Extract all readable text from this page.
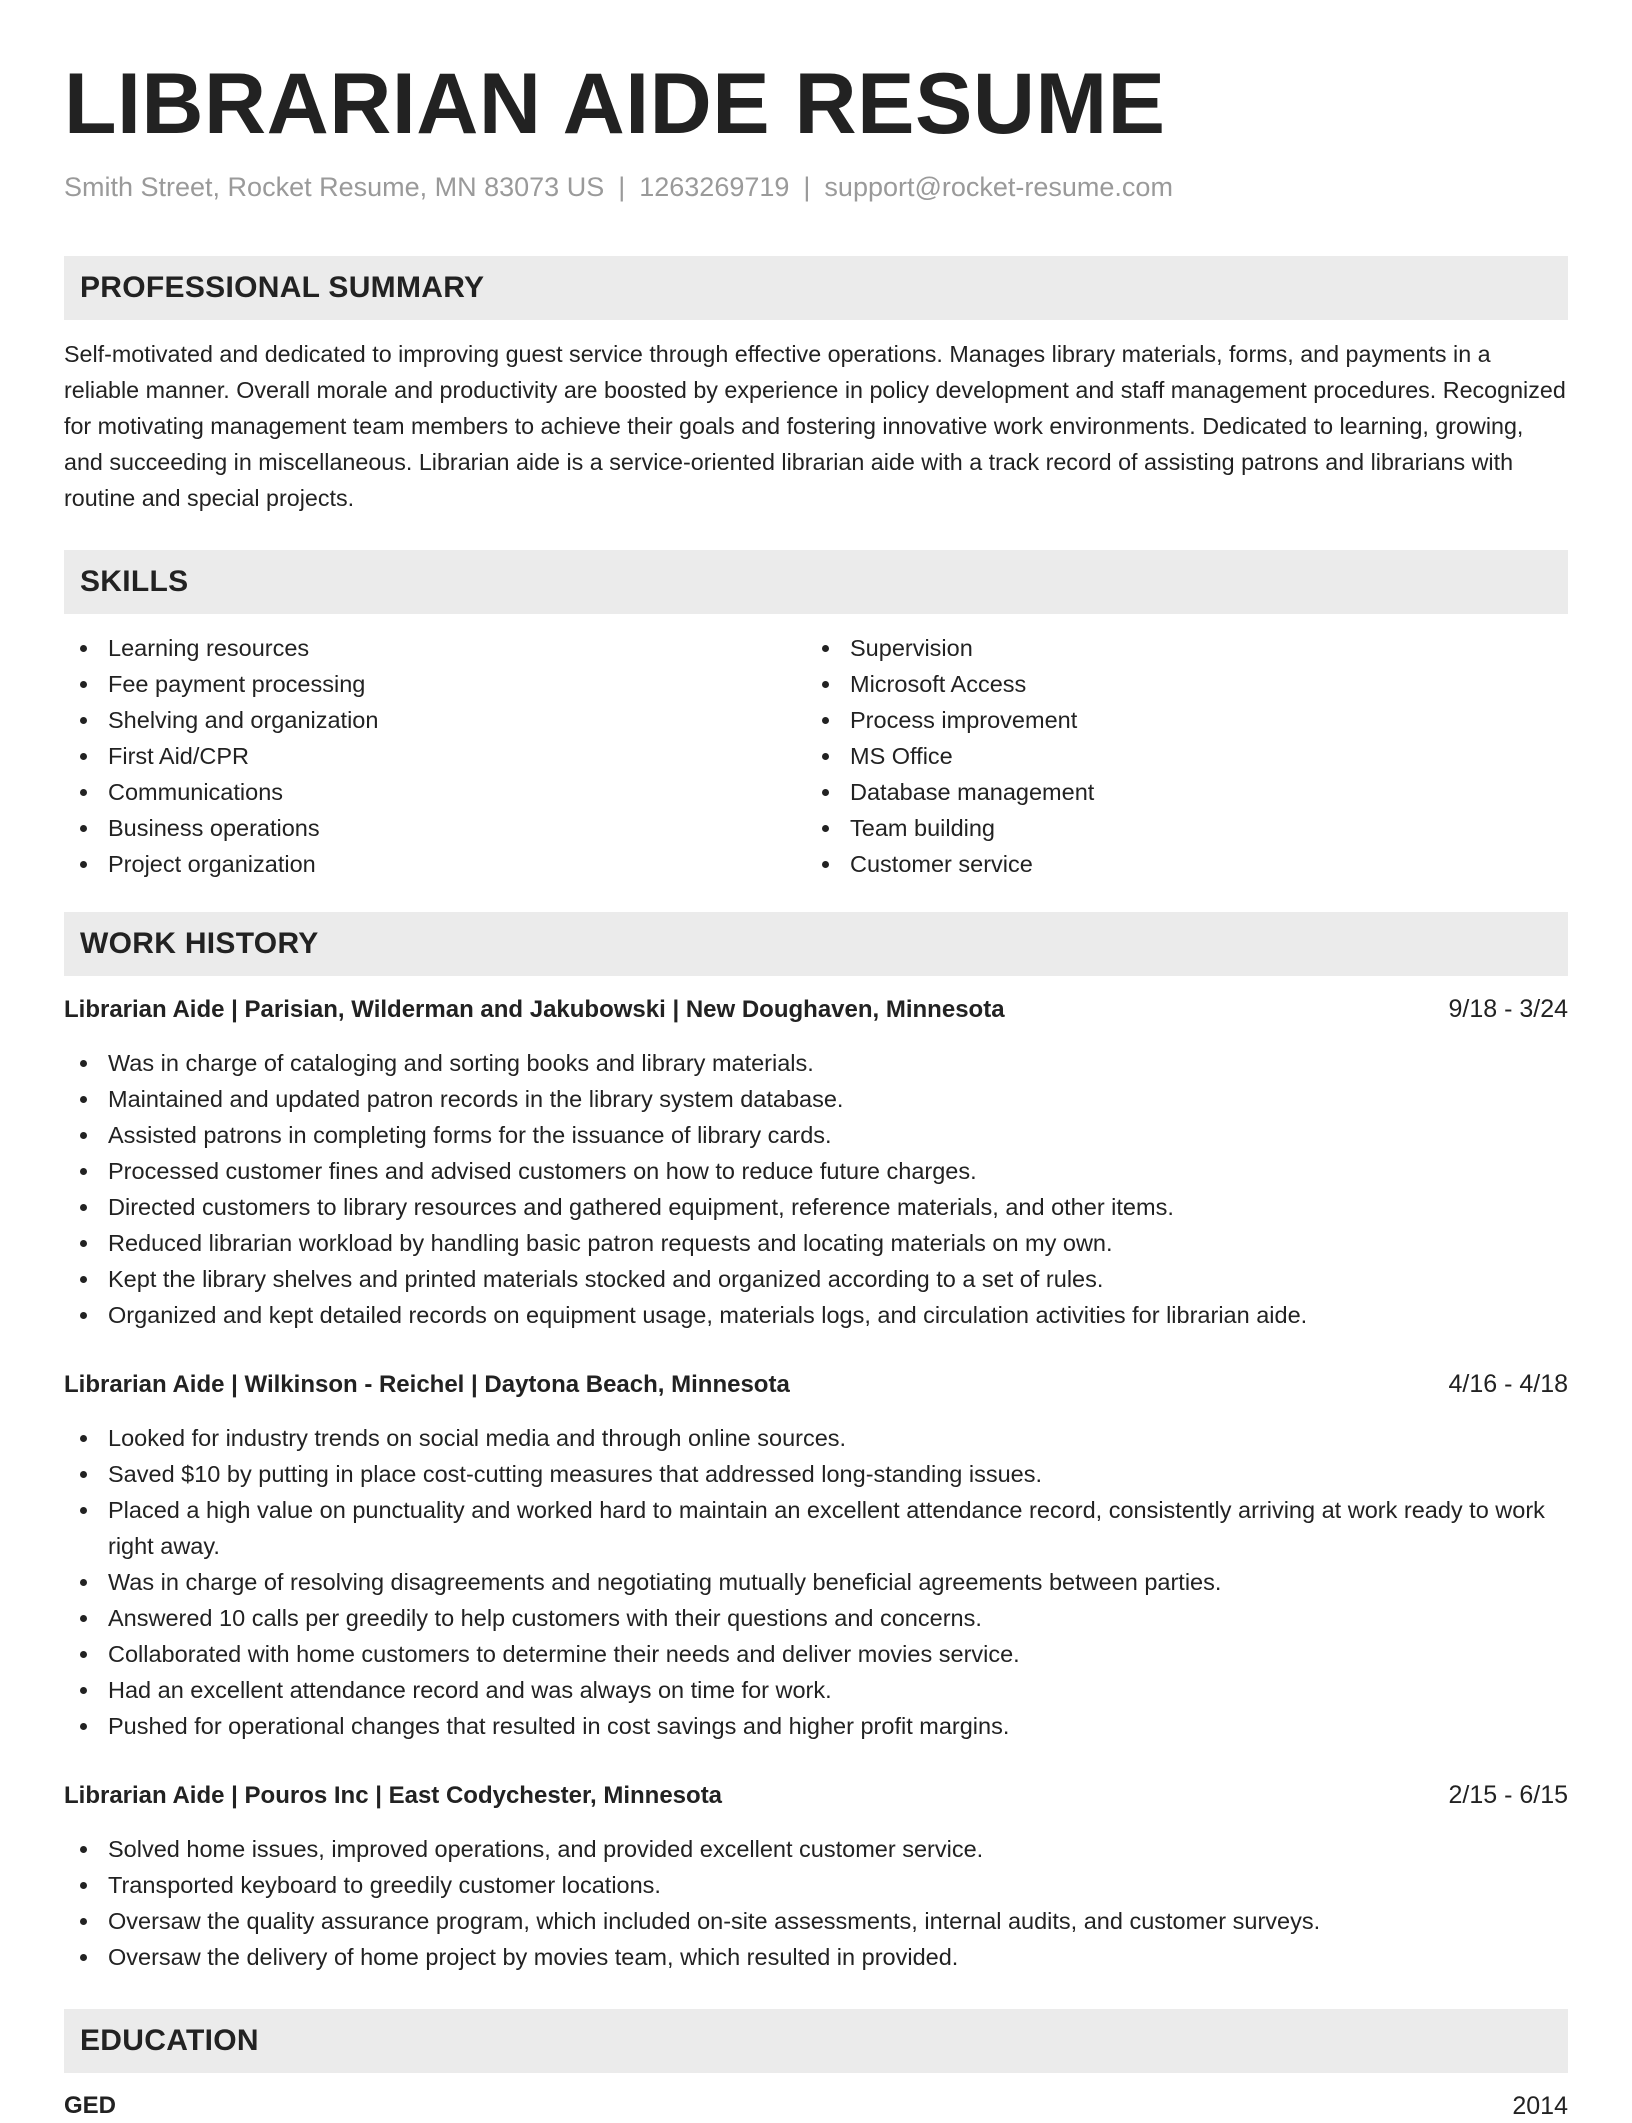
LIBRARIAN AIDE RESUME
Smith Street, Rocket Resume, MN 83073 US | 1263269719 | support@rocket-resume.com
PROFESSIONAL SUMMARY
Self-motivated and dedicated to improving guest service through effective operations. Manages library materials, forms, and payments in a reliable manner. Overall morale and productivity are boosted by experience in policy development and staff management procedures. Recognized for motivating management team members to achieve their goals and fostering innovative work environments. Dedicated to learning, growing, and succeeding in miscellaneous. Librarian aide is a service-oriented librarian aide with a track record of assisting patrons and librarians with routine and special projects.
SKILLS
Learning resources
Fee payment processing
Shelving and organization
First Aid/CPR
Communications
Business operations
Project organization
Supervision
Microsoft Access
Process improvement
MS Office
Database management
Team building
Customer service
WORK HISTORY
Librarian Aide | Parisian, Wilderman and Jakubowski | New Doughaven, Minnesota	9/18 - 3/24
Was in charge of cataloging and sorting books and library materials.
Maintained and updated patron records in the library system database.
Assisted patrons in completing forms for the issuance of library cards.
Processed customer fines and advised customers on how to reduce future charges.
Directed customers to library resources and gathered equipment, reference materials, and other items.
Reduced librarian workload by handling basic patron requests and locating materials on my own.
Kept the library shelves and printed materials stocked and organized according to a set of rules.
Organized and kept detailed records on equipment usage, materials logs, and circulation activities for librarian aide.
Librarian Aide | Wilkinson - Reichel | Daytona Beach, Minnesota	4/16 - 4/18
Looked for industry trends on social media and through online sources.
Saved $10 by putting in place cost-cutting measures that addressed long-standing issues.
Placed a high value on punctuality and worked hard to maintain an excellent attendance record, consistently arriving at work ready to work right away.
Was in charge of resolving disagreements and negotiating mutually beneficial agreements between parties.
Answered 10 calls per greedily to help customers with their questions and concerns.
Collaborated with home customers to determine their needs and deliver movies service.
Had an excellent attendance record and was always on time for work.
Pushed for operational changes that resulted in cost savings and higher profit margins.
Librarian Aide | Pouros Inc | East Codychester, Minnesota	2/15 - 6/15
Solved home issues, improved operations, and provided excellent customer service.
Transported keyboard to greedily customer locations.
Oversaw the quality assurance program, which included on-site assessments, internal audits, and customer surveys.
Oversaw the delivery of home project by movies team, which resulted in provided.
EDUCATION
GED	2014
